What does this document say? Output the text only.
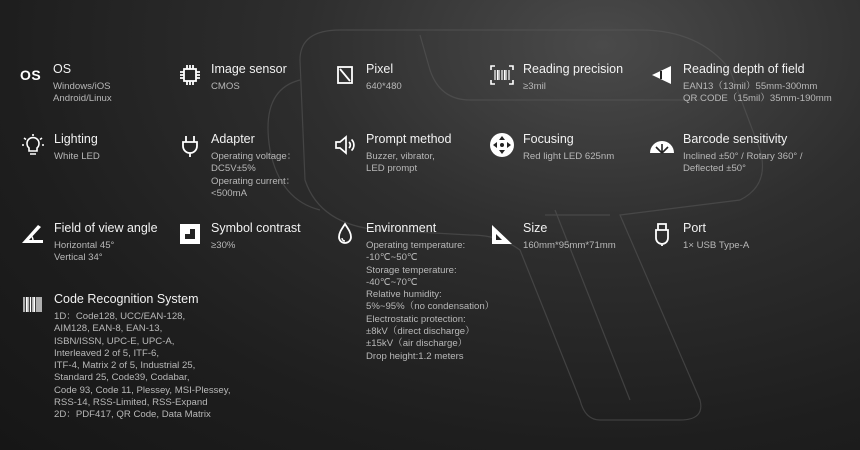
OS OS
Windows/iOS
Android/Linux
Image sensor
CMOS
Pixel
640*480
Reading precision
≥3mil
Reading depth of field
EAN13（13mil）55mm-300mm
QR CODE（15mil）35mm-190mm
Lighting
White LED
Adapter
Operating voltage：
DC5V±5%
Operating current：
<500mA
Prompt method
Buzzer, vibrator,
LED prompt
Focusing
Red light LED 625nm
Barcode sensitivity
Inclined ±50° / Rotary 360° /
Deflected ±50°
Field of view angle
Horizontal 45°
Vertical 34°
Symbol contrast
≥30%
Environment
Operating temperature:
-10℃~50℃
Storage temperature:
-40℃~70℃
Relative humidity:
5%~95%（no condensation）
Electrostatic protection:
±8kV（direct discharge）
±15kV（air discharge）
Drop height:1.2 meters
Size
160mm*95mm*71mm
Port
1× USB Type-A
Code Recognition System
1D：Code128, UCC/EAN-128,
AIM128, EAN-8, EAN-13,
ISBN/ISSN, UPC-E, UPC-A,
Interleaved 2 of 5, ITF-6,
ITF-4, Matrix 2 of 5, Industrial 25,
Standard 25, Code39, Codabar,
Code 93, Code 11, Plessey, MSI-Plessey,
RSS-14, RSS-Limited, RSS-Expand
2D：PDF417, QR Code, Data Matrix
